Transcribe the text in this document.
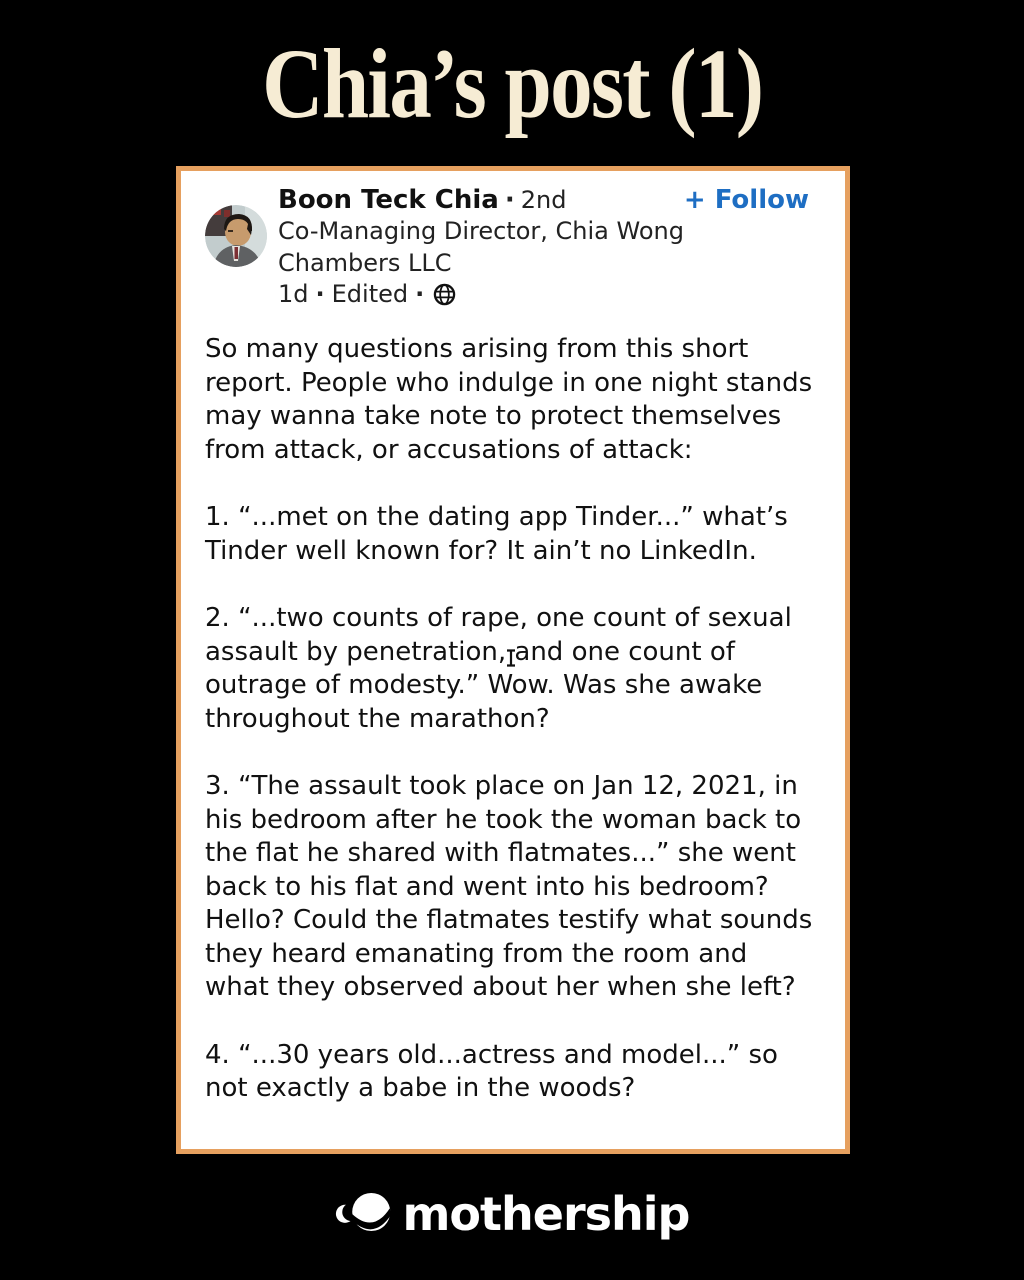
Chia’s post (1)
Boon Teck Chia · 2nd
Co-Managing Director, Chia Wong Chambers LLC
1d · Edited ·
+ Follow

So many questions arising from this short report. People who indulge in one night stands may wanna take note to protect themselves from attack, or accusations of attack:

1. “...met on the dating app Tinder...” what’s Tinder well known for? It ain’t no LinkedIn.

2. “...two counts of rape, one count of sexual assault by penetration, and one count of outrage of modesty.” Wow. Was she awake throughout the marathon?

3. “The assault took place on Jan 12, 2021, in his bedroom after he took the woman back to the flat he shared with flatmates...” she went back to his flat and went into his bedroom? Hello? Could the flatmates testify what sounds they heard emanating from the room and what they observed about her when she left?

4. “...30 years old...actress and model...” so not exactly a babe in the woods?

mothership
